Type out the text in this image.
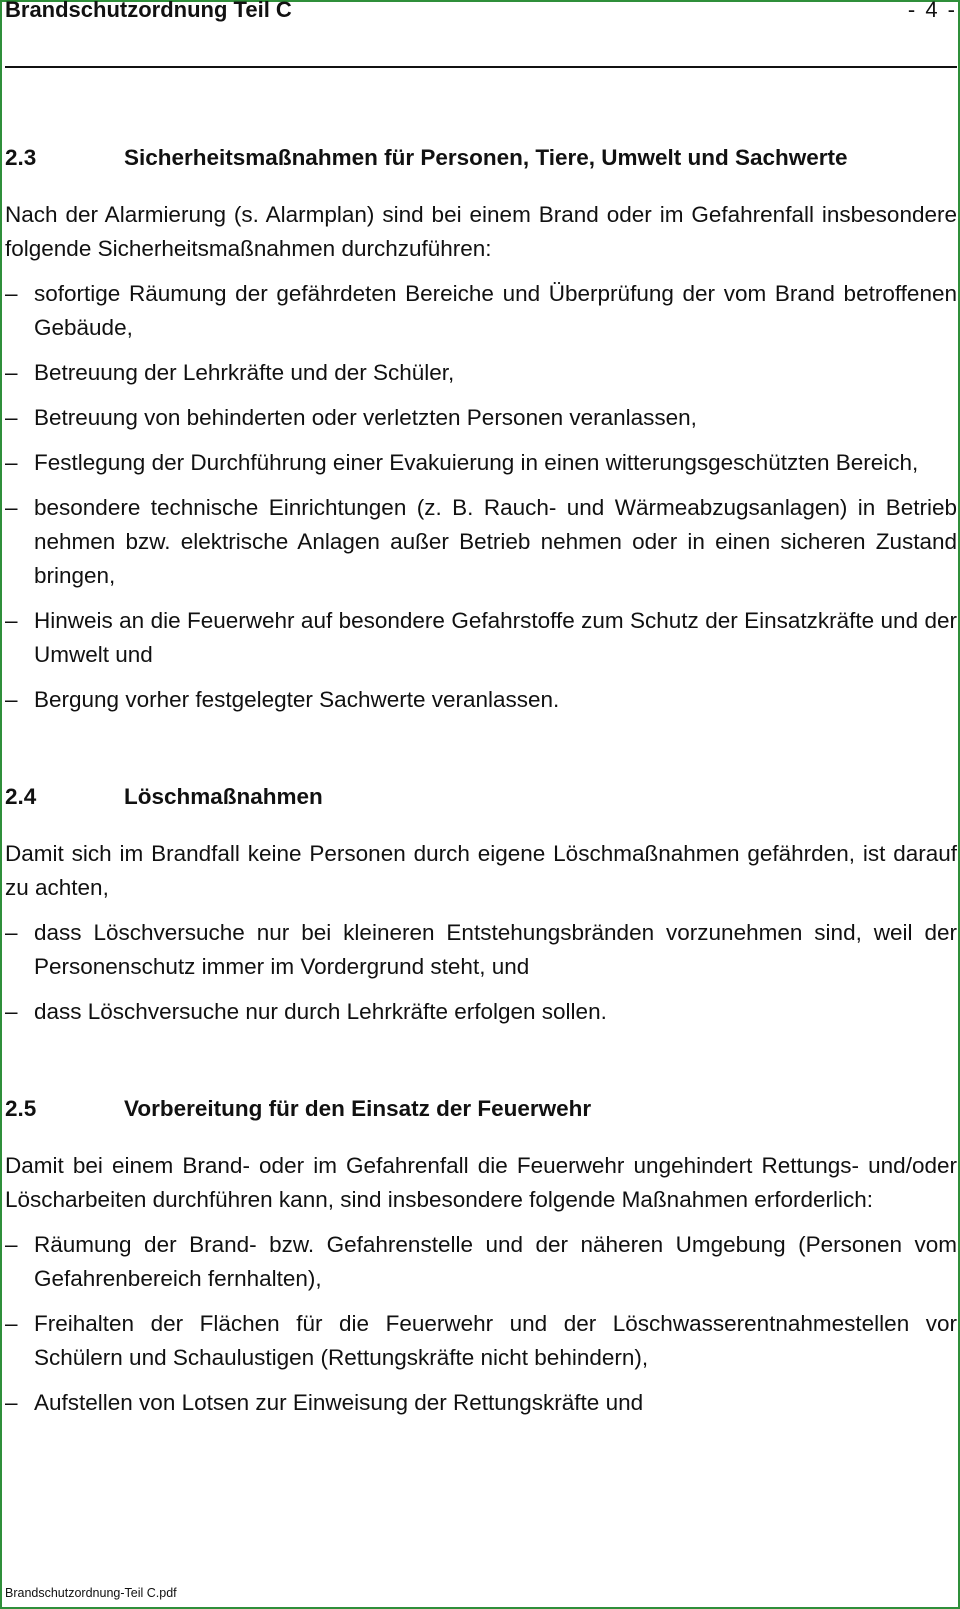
Brandschutzordnung Teil C	- 4 -
2.3	Sicherheitsmaßnahmen für Personen, Tiere, Umwelt und Sachwerte

Nach der Alarmierung (s. Alarmplan) sind bei einem Brand oder im Gefahrenfall insbesondere folgende Sicherheitsmaßnahmen durchzuführen:

– sofortige Räumung der gefährdeten Bereiche und Überprüfung der vom Brand betroffenen Gebäude,
– Betreuung der Lehrkräfte und der Schüler,
– Betreuung von behinderten oder verletzten Personen veranlassen,
– Festlegung der Durchführung einer Evakuierung in einen witterungsgeschützten Bereich,
– besondere technische Einrichtungen (z. B. Rauch- und Wärmeabzugsanlagen) in Betrieb nehmen bzw. elektrische Anlagen außer Betrieb nehmen oder in einen sicheren Zustand bringen,
– Hinweis an die Feuerwehr auf besondere Gefahrstoffe zum Schutz der Einsatzkräfte und der Umwelt und
– Bergung vorher festgelegter Sachwerte veranlassen.
2.4	Löschmaßnahmen

Damit sich im Brandfall keine Personen durch eigene Löschmaßnahmen gefährden, ist darauf zu achten,

– dass Löschversuche nur bei kleineren Entstehungsbränden vorzunehmen sind, weil der Personenschutz immer im Vordergrund steht, und
– dass Löschversuche nur durch Lehrkräfte erfolgen sollen.
2.5	Vorbereitung für den Einsatz der Feuerwehr

Damit bei einem Brand- oder im Gefahrenfall die Feuerwehr ungehindert Rettungs- und/oder Löscharbeiten durchführen kann, sind insbesondere folgende Maßnahmen erforderlich:

– Räumung der Brand- bzw. Gefahrenstelle und der näheren Umgebung (Personen vom Gefahrenbereich fernhalten),
– Freihalten der Flächen für die Feuerwehr und der Löschwasserentnahmestellen vor Schülern und Schaulustigen (Rettungskräfte nicht behindern),
– Aufstellen von Lotsen zur Einweisung der Rettungskräfte und
Brandschutzordnung-Teil C.pdf
